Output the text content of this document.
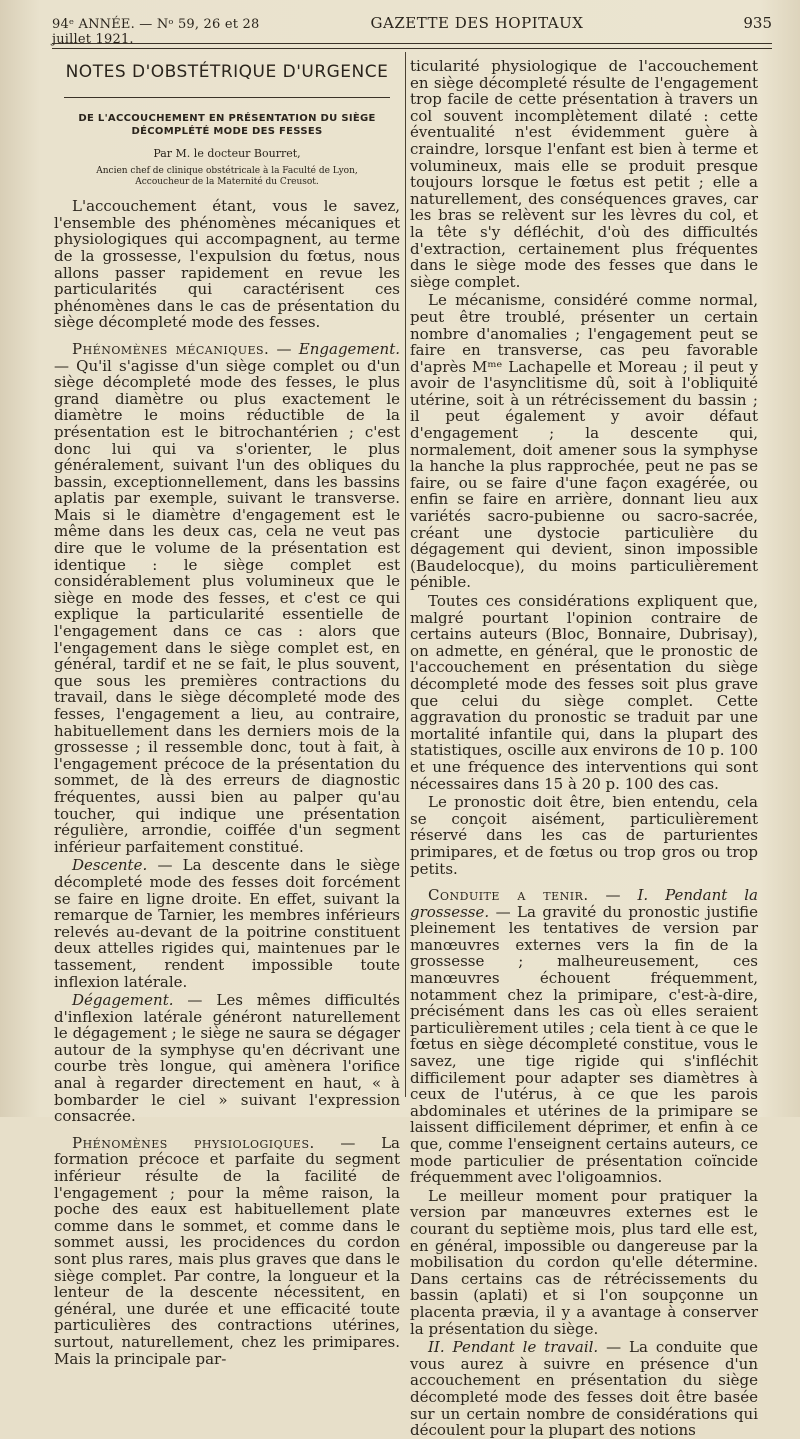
94ᵉ ANNÉE. — Nᵒ 59, 26 et 28 juillet 1921.
GAZETTE DES HOPITAUX	935
NOTES D'OBSTÉTRIQUE D'URGENCE
DE L'ACCOUCHEMENT EN PRÉSENTATION DU SIÈGE DÉCOMPLÉTÉ MODE DES FESSES
Par M. le docteur Bourret,
Ancien chef de clinique obstétricale à la Faculté de Lyon,
Accoucheur de la Maternité du Creusot.

L'accouchement étant, vous le savez, l'ensemble des phénomènes mécaniques et physiologiques qui accompagnent, au terme de la grossesse, l'expulsion du fœtus, nous allons passer rapidement en revue les particularités qui caractérisent ces phénomènes dans le cas de présentation du siège décompleté mode des fesses.

Phénomènes mécaniques. — Engagement. — Qu'il s'agisse d'un siège complet ou d'un siège décompleté mode des fesses, le plus grand diamètre ou plus exactement le diamètre le moins réductible de la présentation est le bitrochantérien ; c'est donc lui qui va s'orienter, le plus généralement, suivant l'un des obliques du bassin, exceptionnellement, dans les bassins aplatis par exemple, suivant le transverse. Mais si le diamètre d'engagement est le même dans les deux cas, cela ne veut pas dire que le volume de la présentation est identique : le siège complet est considérablement plus volumineux que le siège en mode des fesses, et c'est ce qui explique la particularité essentielle de l'engagement dans ce cas : alors que l'engagement dans le siège complet est, en général, tardif et ne se fait, le plus souvent, que sous les premières contractions du travail, dans le siège décompleté mode des fesses, l'engagement a lieu, au contraire, habituellement dans les derniers mois de la grossesse ; il ressemble donc, tout à fait, à l'engagement précoce de la présentation du sommet, de là des erreurs de diagnostic fréquentes, aussi bien au palper qu'au toucher, qui indique une présentation régulière, arrondie, coiffée d'un segment inférieur parfaitement constitué.

Descente. — La descente dans le siège décompleté mode des fesses doit forcément se faire en ligne droite. En effet, suivant la remarque de Tarnier, les membres inférieurs relevés au-devant de la poitrine constituent deux attelles rigides qui, maintenues par le tassement, rendent impossible toute inflexion latérale.

Dégagement. — Les mêmes difficultés d'inflexion latérale généront naturellement le dégagement ; le siège ne saura se dégager autour de la symphyse qu'en décrivant une courbe très longue, qui amènera l'orifice anal à regarder directement en haut, « à bombarder le ciel » suivant l'expression consacrée.

Phénomènes physiologiques. — La formation précoce et parfaite du segment inférieur résulte de la facilité de l'engagement ; pour la même raison, la poche des eaux est habituellement plate comme dans le sommet, et comme dans le sommet aussi, les procidences du cordon sont plus rares, mais plus graves que dans le siège complet. Par contre, la longueur et la lenteur de la descente nécessitent, en général, une durée et une efficacité toute particulières des contractions utérines, surtout, naturellement, chez les primipares. Mais la principale par-

ticularité physiologique de l'accouchement en siège décompleté résulte de l'engagement trop facile de cette présentation à travers un col souvent incomplètement dilaté : cette éventualité n'est évidemment guère à craindre, lorsque l'enfant est bien à terme et volumineux, mais elle se produit presque toujours lorsque le fœtus est petit ; elle a naturellement, des conséquences graves, car les bras se relèvent sur les lèvres du col, et la tête s'y défléchit, d'où des difficultés d'extraction, certainement plus fréquentes dans le siège mode des fesses que dans le siège complet.

Le mécanisme, considéré comme normal, peut être troublé, présenter un certain nombre d'anomalies ; l'engagement peut se faire en transverse, cas peu favorable d'après Mᵐᵉ Lachapelle et Moreau ; il peut y avoir de l'asynclitisme dû, soit à l'obliquité utérine, soit à un rétrécissement du bassin ; il peut également y avoir défaut d'engagement ; la descente qui, normalement, doit amener sous la symphyse la hanche la plus rapprochée, peut ne pas se faire, ou se faire d'une façon exagérée, ou enfin se faire en arrière, donnant lieu aux variétés sacro-pubienne ou sacro-sacrée, créant une dystocie particulière du dégagement qui devient, sinon impossible (Baudelocque), du moins particulièrement pénible.

Toutes ces considérations expliquent que, malgré pourtant l'opinion contraire de certains auteurs (Bloc, Bonnaire, Dubrisay), on admette, en général, que le pronostic de l'accouchement en présentation du siège décompleté mode des fesses soit plus grave que celui du siège complet. Cette aggravation du pronostic se traduit par une mortalité infantile qui, dans la plupart des statistiques, oscille aux environs de 10 p. 100 et une fréquence des interventions qui sont nécessaires dans 15 à 20 p. 100 des cas.

Le pronostic doit être, bien entendu, cela se conçoit aisément, particulièrement réservé dans les cas de parturientes primipares, et de fœtus ou trop gros ou trop petits.

Conduite a tenir. — I. Pendant la grossesse. — La gravité du pronostic justifie pleinement les tentatives de version par manœuvres externes vers la fin de la grossesse ; malheureusement, ces manœuvres échouent fréquemment, notamment chez la primipare, c'est-à-dire, précisément dans les cas où elles seraient particulièrement utiles ; cela tient à ce que le fœtus en siège décompleté constitue, vous le savez, une tige rigide qui s'infléchit difficilement pour adapter ses diamètres à ceux de l'utérus, à ce que les parois abdominales et utérines de la primipare se laissent difficilement déprimer, et enfin à ce que, comme l'enseignent certains auteurs, ce mode particulier de présentation coïncide fréquemment avec l'oligoamnios.

Le meilleur moment pour pratiquer la version par manœuvres externes est le courant du septième mois, plus tard elle est, en général, impossible ou dangereuse par la mobilisation du cordon qu'elle détermine. Dans certains cas de rétrécissements du bassin (aplati) et si l'on soupçonne un placenta prævia, il y a avantage à conserver la présentation du siège.

II. Pendant le travail. — La conduite que vous aurez à suivre en présence d'un accouchement en présentation du siège décompleté mode des fesses doit être basée sur un certain nombre de considérations qui découlent pour la plupart des notions
